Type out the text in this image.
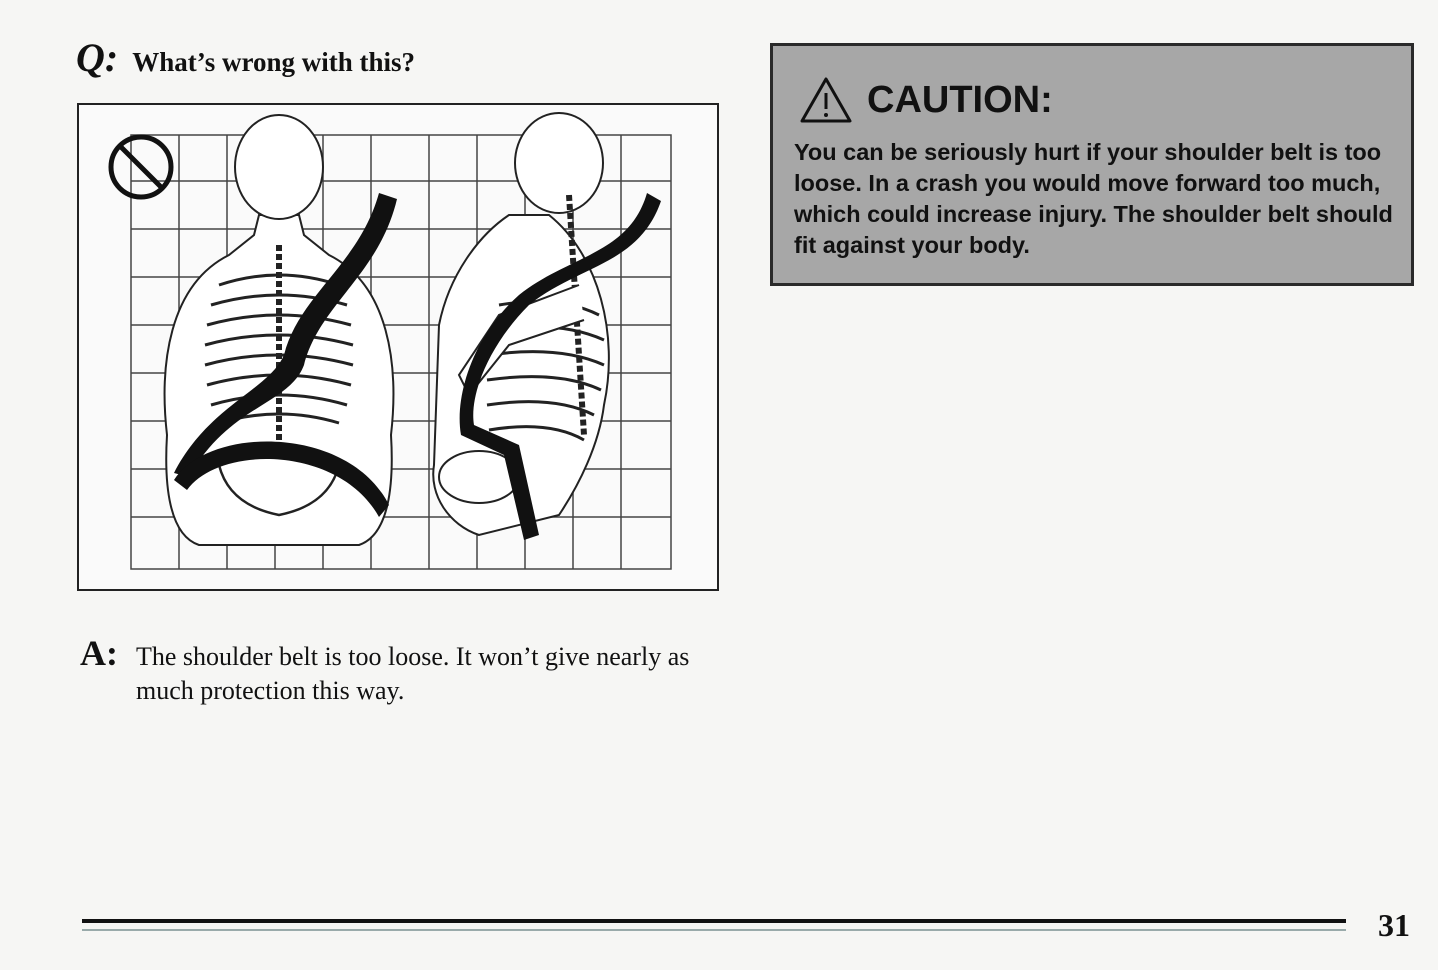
Q: What’s wrong with this?
A: The shoulder belt is too loose. It won’t give nearly as much protection this way.
CAUTION:
You can be seriously hurt if your shoulder belt is too loose. In a crash you would move forward too much, which could increase injury. The shoulder belt should fit against your body.
31
